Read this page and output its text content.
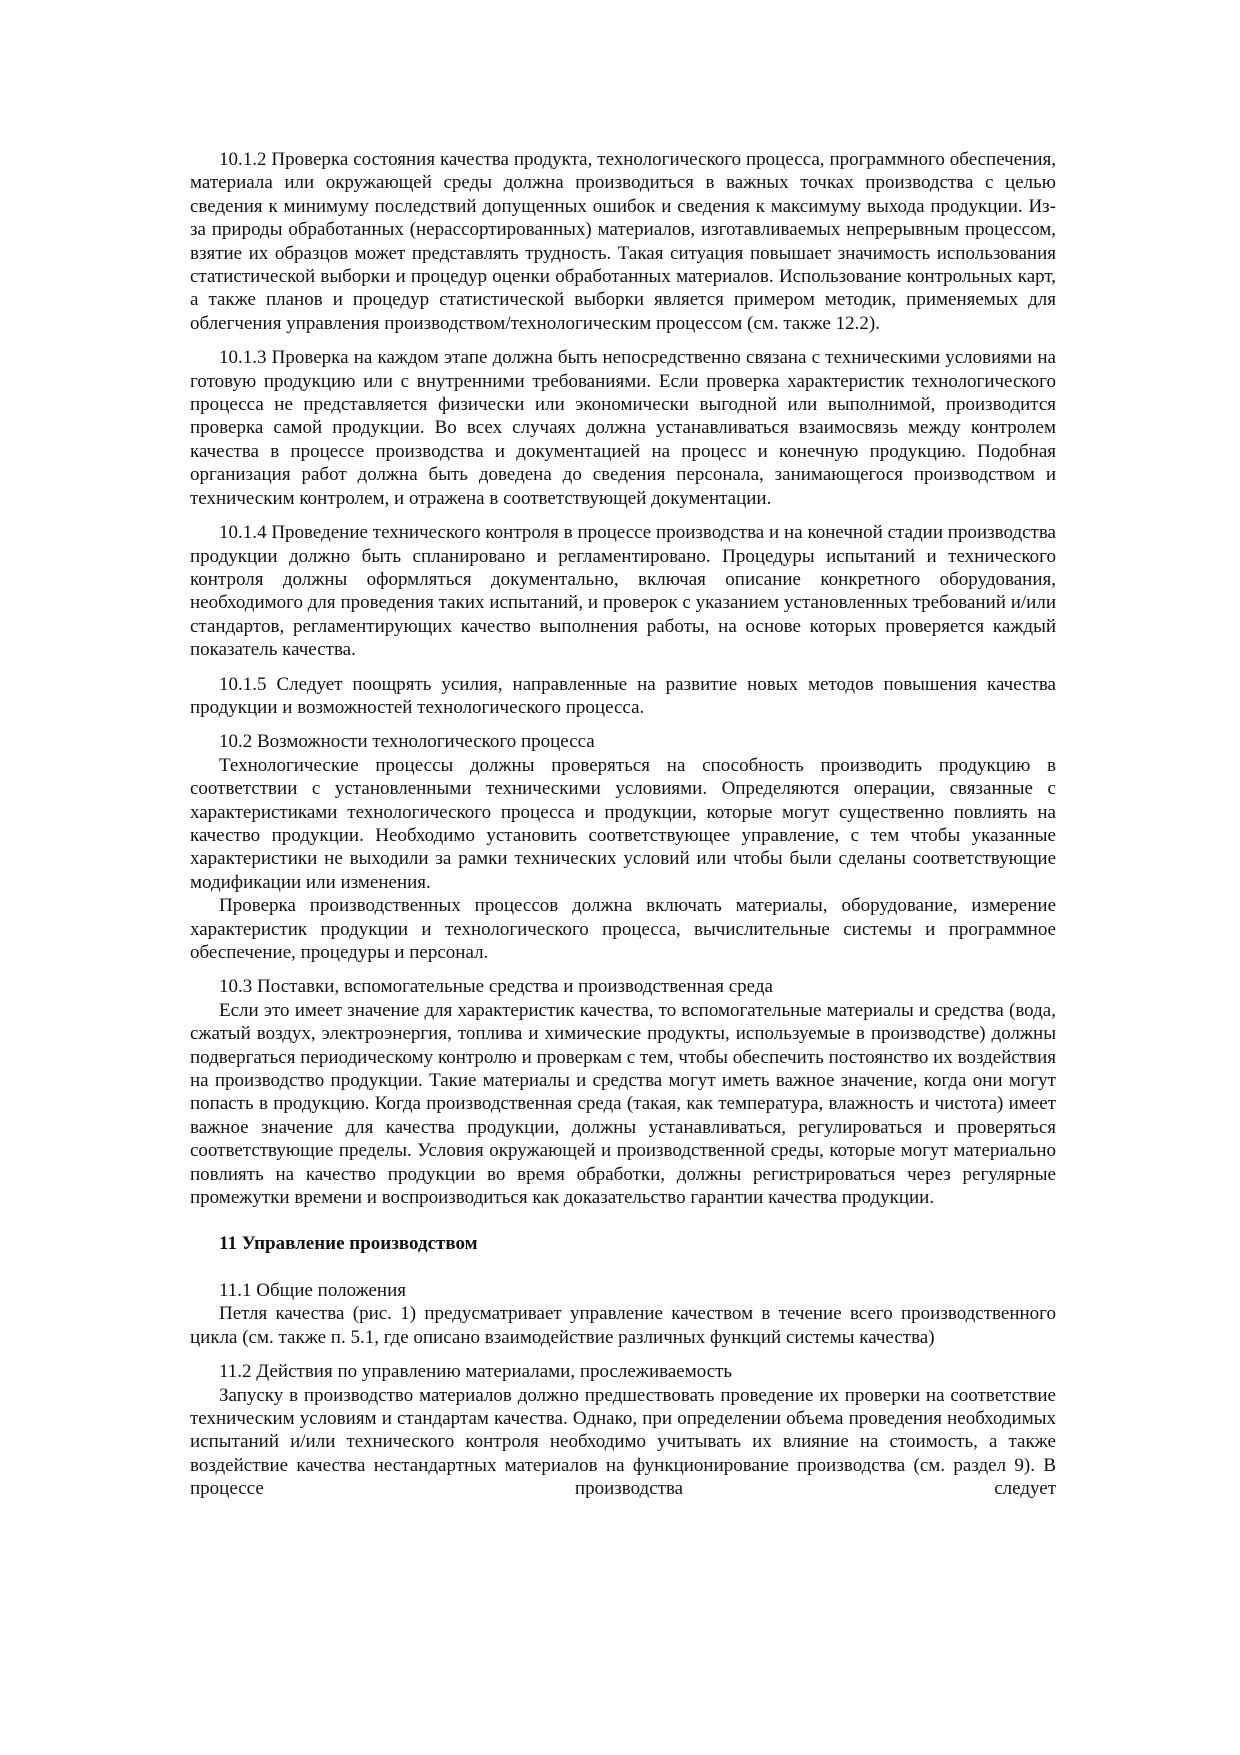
10.1.2 Проверка состояния качества продукта, технологического процесса, программного обеспечения, материала или окружающей среды должна производиться в важных точках производства с целью сведения к минимуму последствий допущенных ошибок и сведения к максимуму выхода продукции. Из-за природы обработанных (нерассортированных) материалов, изготавливаемых непрерывным процессом, взятие их образцов может представлять трудность. Такая ситуация повышает значимость использования статистической выборки и процедур оценки обработанных материалов. Использование контрольных карт, а также планов и процедур статистической выборки является примером методик, применяемых для облегчения управления производством/технологическим процессом (см. также 12.2).

10.1.3 Проверка на каждом этапе должна быть непосредственно связана с техническими условиями на готовую продукцию или с внутренними требованиями. Если проверка характеристик технологического процесса не представляется физически или экономически выгодной или выполнимой, производится проверка самой продукции. Во всех случаях должна устанавливаться взаимосвязь между контролем качества в процессе производства и документацией на процесс и конечную продукцию. Подобная организация работ должна быть доведена до сведения персонала, занимающегося производством и техническим контролем, и отражена в соответствующей документации.

10.1.4 Проведение технического контроля в процессе производства и на конечной стадии производства продукции должно быть спланировано и регламентировано. Процедуры испытаний и технического контроля должны оформляться документально, включая описание конкретного оборудования, необходимого для проведения таких испытаний, и проверок с указанием установленных требований и/или стандартов, регламентирующих качество выполнения работы, на основе которых проверяется каждый показатель качества.

10.1.5 Следует поощрять усилия, направленные на развитие новых методов повышения качества продукции и возможностей технологического процесса.

10.2 Возможности технологического процесса

Технологические процессы должны проверяться на способность производить продукцию в соответствии с установленными техническими условиями. Определяются операции, связанные с характеристиками технологического процесса и продукции, которые могут существенно повлиять на качество продукции. Необходимо установить соответствующее управление, с тем чтобы указанные характеристики не выходили за рамки технических условий или чтобы были сделаны соответствующие модификации или изменения.

Проверка производственных процессов должна включать материалы, оборудование, измерение характеристик продукции и технологического процесса, вычислительные системы и программное обеспечение, процедуры и персонал.

10.3 Поставки, вспомогательные средства и производственная среда

Если это имеет значение для характеристик качества, то вспомогательные материалы и средства (вода, сжатый воздух, электроэнергия, топлива и химические продукты, используемые в производстве) должны подвергаться периодическому контролю и проверкам с тем, чтобы обеспечить постоянство их воздействия на производство продукции. Такие материалы и средства могут иметь важное значение, когда они могут попасть в продукцию. Когда производственная среда (такая, как температура, влажность и чистота) имеет важное значение для качества продукции, должны устанавливаться, регулироваться и проверяться соответствующие пределы. Условия окружающей и производственной среды, которые могут материально повлиять на качество продукции во время обработки, должны регистрироваться через регулярные промежутки времени и воспроизводиться как доказательство гарантии качества продукции.

11 Управление производством

11.1 Общие положения

Петля качества (рис. 1) предусматривает управление качеством в течение всего производственного цикла (см. также п. 5.1, где описано взаимодействие различных функций системы качества)

11.2 Действия по управлению материалами, прослеживаемость

Запуску в производство материалов должно предшествовать проведение их проверки на соответствие техническим условиям и стандартам качества. Однако, при определении объема проведения необходимых испытаний и/или технического контроля необходимо учитывать их влияние на стоимость, а также воздействие качества нестандартных материалов на функционирование производства (см. раздел 9). В процессе производства следует
